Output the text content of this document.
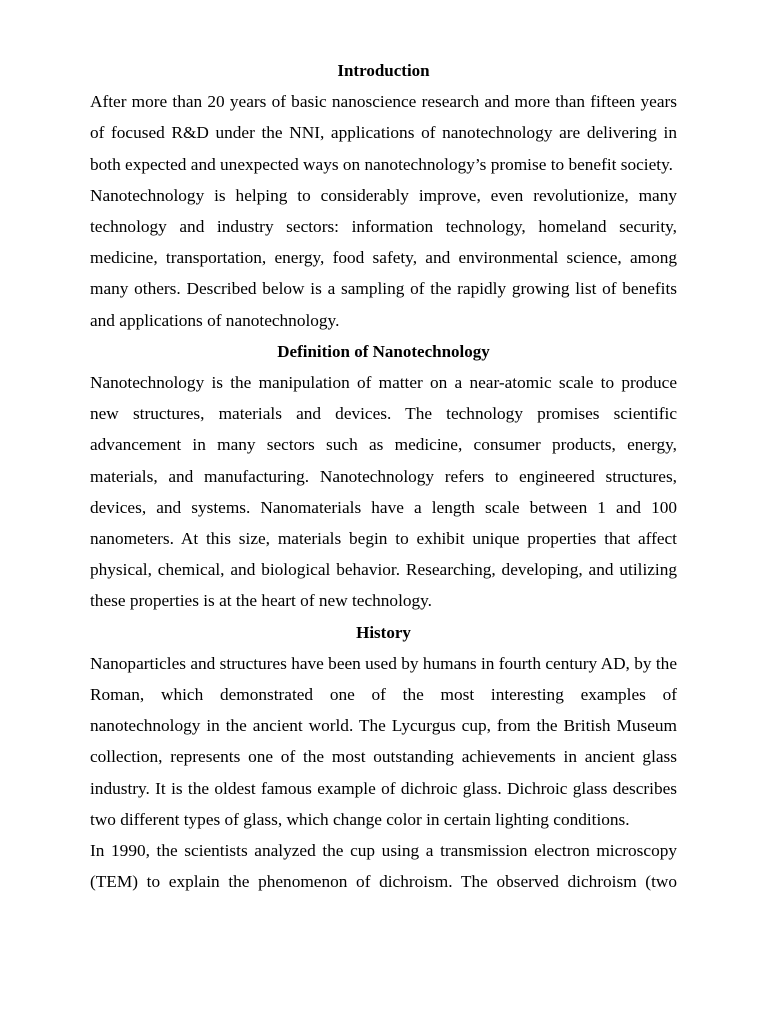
Introduction

After more than 20 years of basic nanoscience research and more than fifteen years of focused R&D under the NNI, applications of nanotechnology are delivering in both expected and unexpected ways on nanotechnology’s promise to benefit society.

Nanotechnology is helping to considerably improve, even revolutionize, many technology and industry sectors: information technology, homeland security, medicine, transportation, energy, food safety, and environmental science, among many others. Described below is a sampling of the rapidly growing list of benefits and applications of nanotechnology.

Definition of Nanotechnology

Nanotechnology is the manipulation of matter on a near-atomic scale to produce new structures, materials and devices. The technology promises scientific advancement in many sectors such as medicine, consumer products, energy, materials, and manufacturing. Nanotechnology refers to engineered structures, devices, and systems. Nanomaterials have a length scale between 1 and 100 nanometers. At this size, materials begin to exhibit unique properties that affect physical, chemical, and biological behavior. Researching, developing, and utilizing these properties is at the heart of new technology.

History

Nanoparticles and structures have been used by humans in fourth century AD, by the Roman, which demonstrated one of the most interesting examples of nanotechnology in the ancient world. The Lycurgus cup, from the British Museum collection, represents one of the most outstanding achievements in ancient glass industry. It is the oldest famous example of dichroic glass. Dichroic glass describes two different types of glass, which change color in certain lighting conditions.

In 1990, the scientists analyzed the cup using a transmission electron microscopy (TEM) to explain the phenomenon of dichroism. The observed dichroism (two
